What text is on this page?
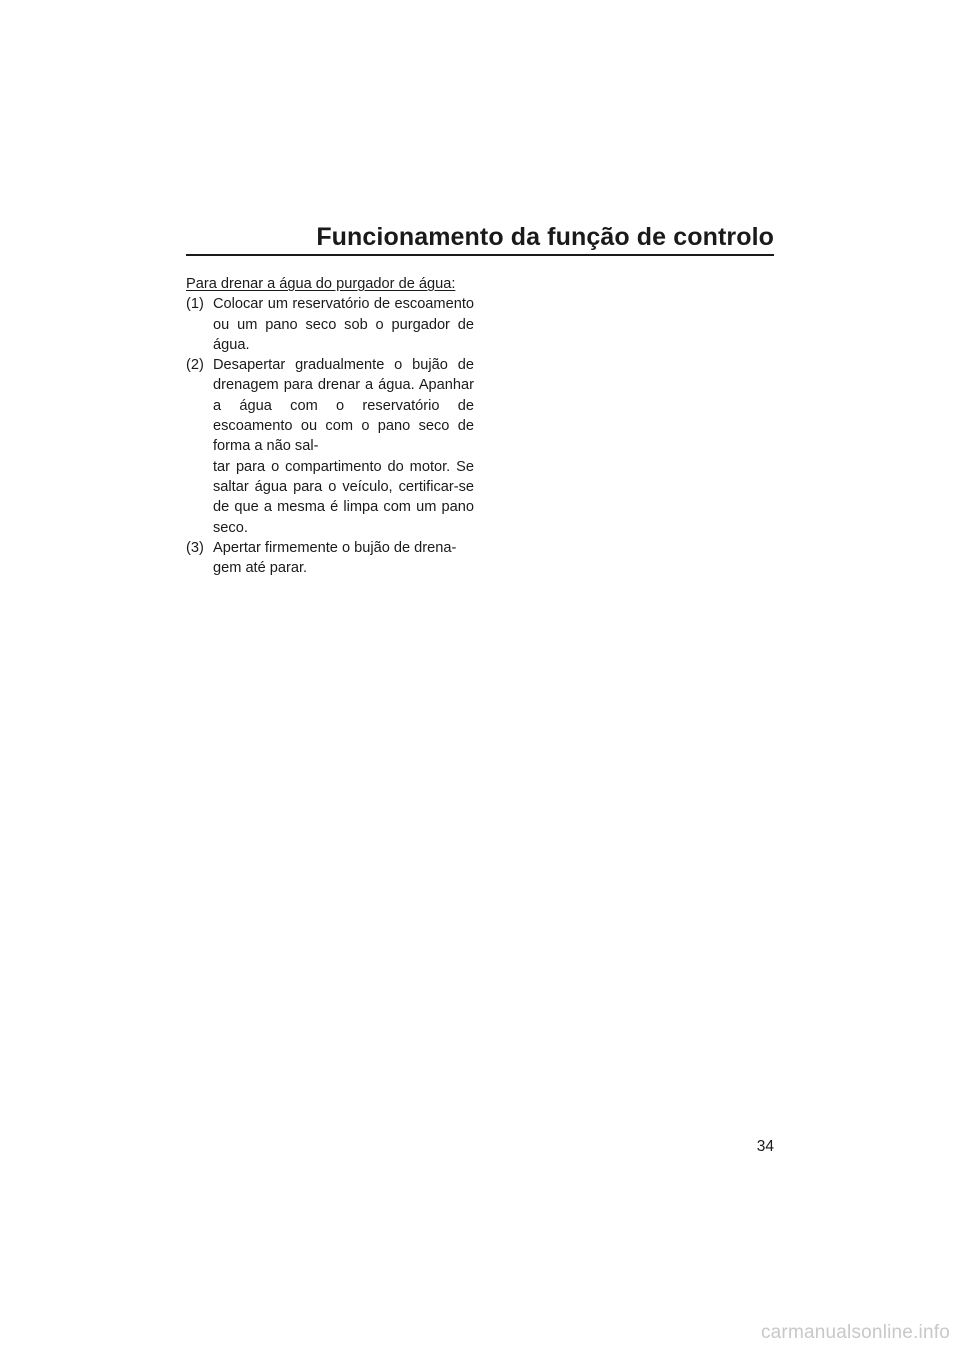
Funcionamento da função de controlo

Para drenar a água do purgador de água:

(1) Colocar um reservatório de escoamento ou um pano seco sob o purgador de água.
(2) Desapertar gradualmente o bujão de drenagem para drenar a água. Apanhar a água com o reservatório de escoamento ou com o pano seco de forma a não sal-
tar para o compartimento do motor. Se saltar água para o veículo, certificar-se de que a mesma é limpa com um pano seco.
(3) Apertar firmemente o bujão de drena-
gem até parar.
34
carmanualsonline.info
